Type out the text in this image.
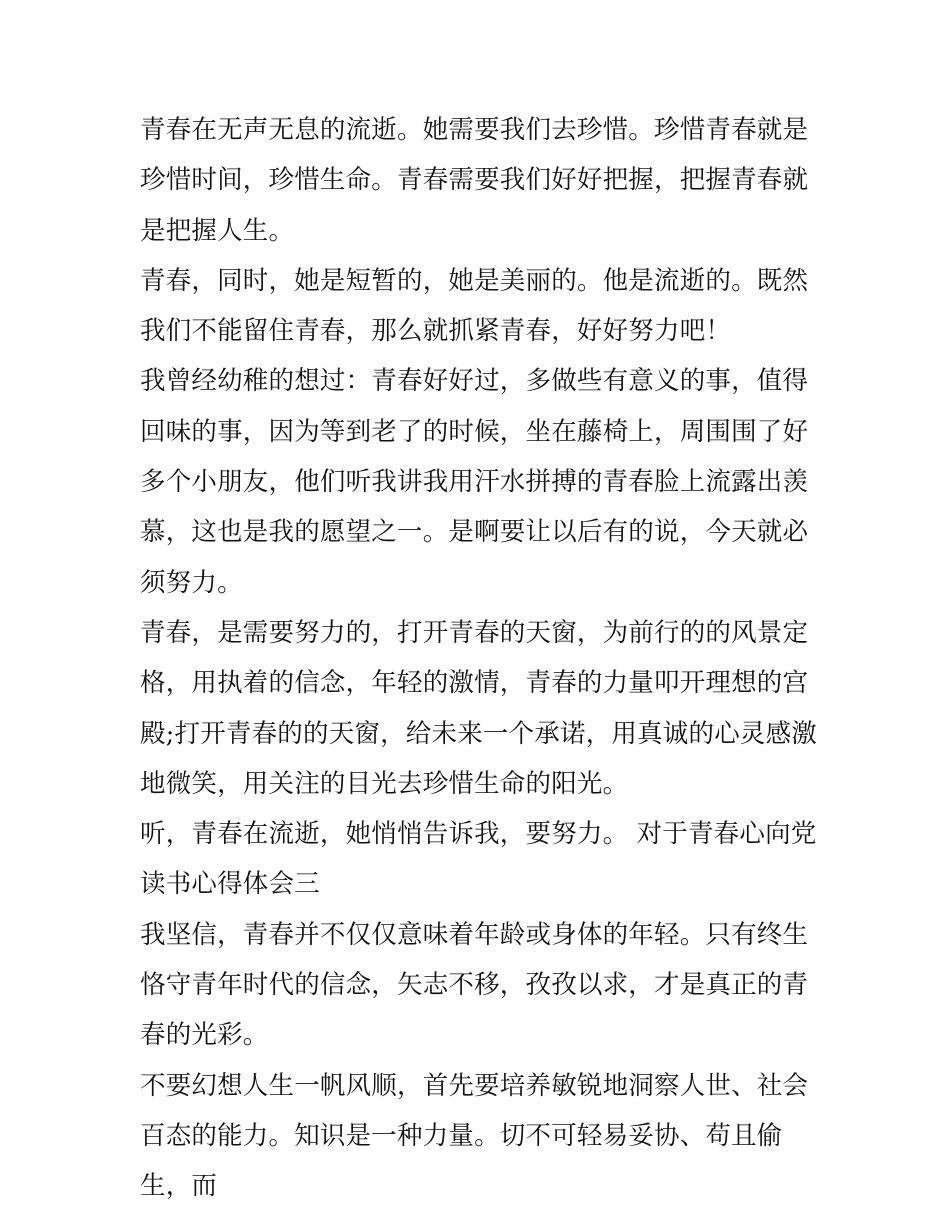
青春在无声无息的流逝。她需要我们去珍惜。珍惜青春就是珍惜时间，珍惜生命。青春需要我们好好把握，把握青春就是把握人生。

青春，同时，她是短暂的，她是美丽的。他是流逝的。既然我们不能留住青春，那么就抓紧青春，好好努力吧！

我曾经幼稚的想过：青春好好过，多做些有意义的事，值得回味的事，因为等到老了的时候，坐在藤椅上，周围围了好多个小朋友，他们听我讲我用汗水拼搏的青春脸上流露出羡慕，这也是我的愿望之一。是啊要让以后有的说，今天就必须努力。

青春，是需要努力的，打开青春的天窗，为前行的的风景定格，用执着的信念，年轻的激情，青春的力量叩开理想的宫殿;打开青春的的天窗，给未来一个承诺，用真诚的心灵感激地微笑，用关注的目光去珍惜生命的阳光。

听，青春在流逝，她悄悄告诉我，要努力。 对于青春心向党

读书心得体会三

我坚信，青春并不仅仅意味着年龄或身体的年轻。只有终生恪守青年时代的信念，矢志不移，孜孜以求，才是真正的青春的光彩。

不要幻想人生一帆风顺，首先要培养敏锐地洞察人世、社会百态的能力。知识是一种力量。切不可轻易妥协、苟且偷生，而
